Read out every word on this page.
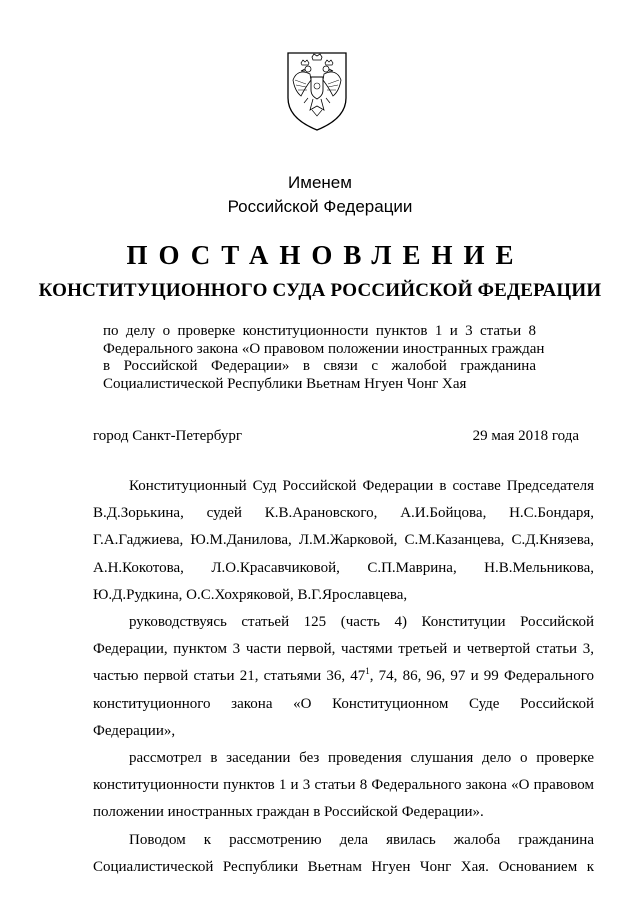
Именем
Российской Федерации
ПОСТАНОВЛЕНИЕ
КОНСТИТУЦИОННОГО СУДА РОССИЙСКОЙ ФЕДЕРАЦИИ
по делу о проверке конституционности пунктов 1 и 3 статьи 8
Федерального закона «О правовом положении иностранных граждан
в Российской Федерации» в связи с жалобой гражданина
Социалистической Республики Вьетнам Нгуен Чонг Хая
город Санкт-Петербург	29 мая 2018 года
Конституционный Суд Российской Федерации в составе Председателя
В.Д.Зорькина, судей К.В.Арановского, А.И.Бойцова, Н.С.Бондаря,
Г.А.Гаджиева, Ю.М.Данилова, Л.М.Жарковой, С.М.Казанцева, С.Д.Князева,
А.Н.Кокотова, Л.О.Красавчиковой, С.П.Маврина, Н.В.Мельникова,
Ю.Д.Рудкина, О.С.Хохряковой, В.Г.Ярославцева,
руководствуясь статьей 125 (часть 4) Конституции Российской
Федерации, пунктом 3 части первой, частями третьей и четвертой статьи 3,
частью первой статьи 21, статьями 36, $47^1$, 74, 86, 96, 97 и 99 Федерального
конституционного закона «О Конституционном Суде Российской
Федерации»,
рассмотрел в заседании без проведения слушания дело о проверке
конституционности пунктов 1 и 3 статьи 8 Федерального закона «О правовом
положении иностранных граждан в Российской Федерации».
Поводом к рассмотрению дела явилась жалоба гражданина
Социалистической Республики Вьетнам Нгуен Чонг Хая. Основанием к
